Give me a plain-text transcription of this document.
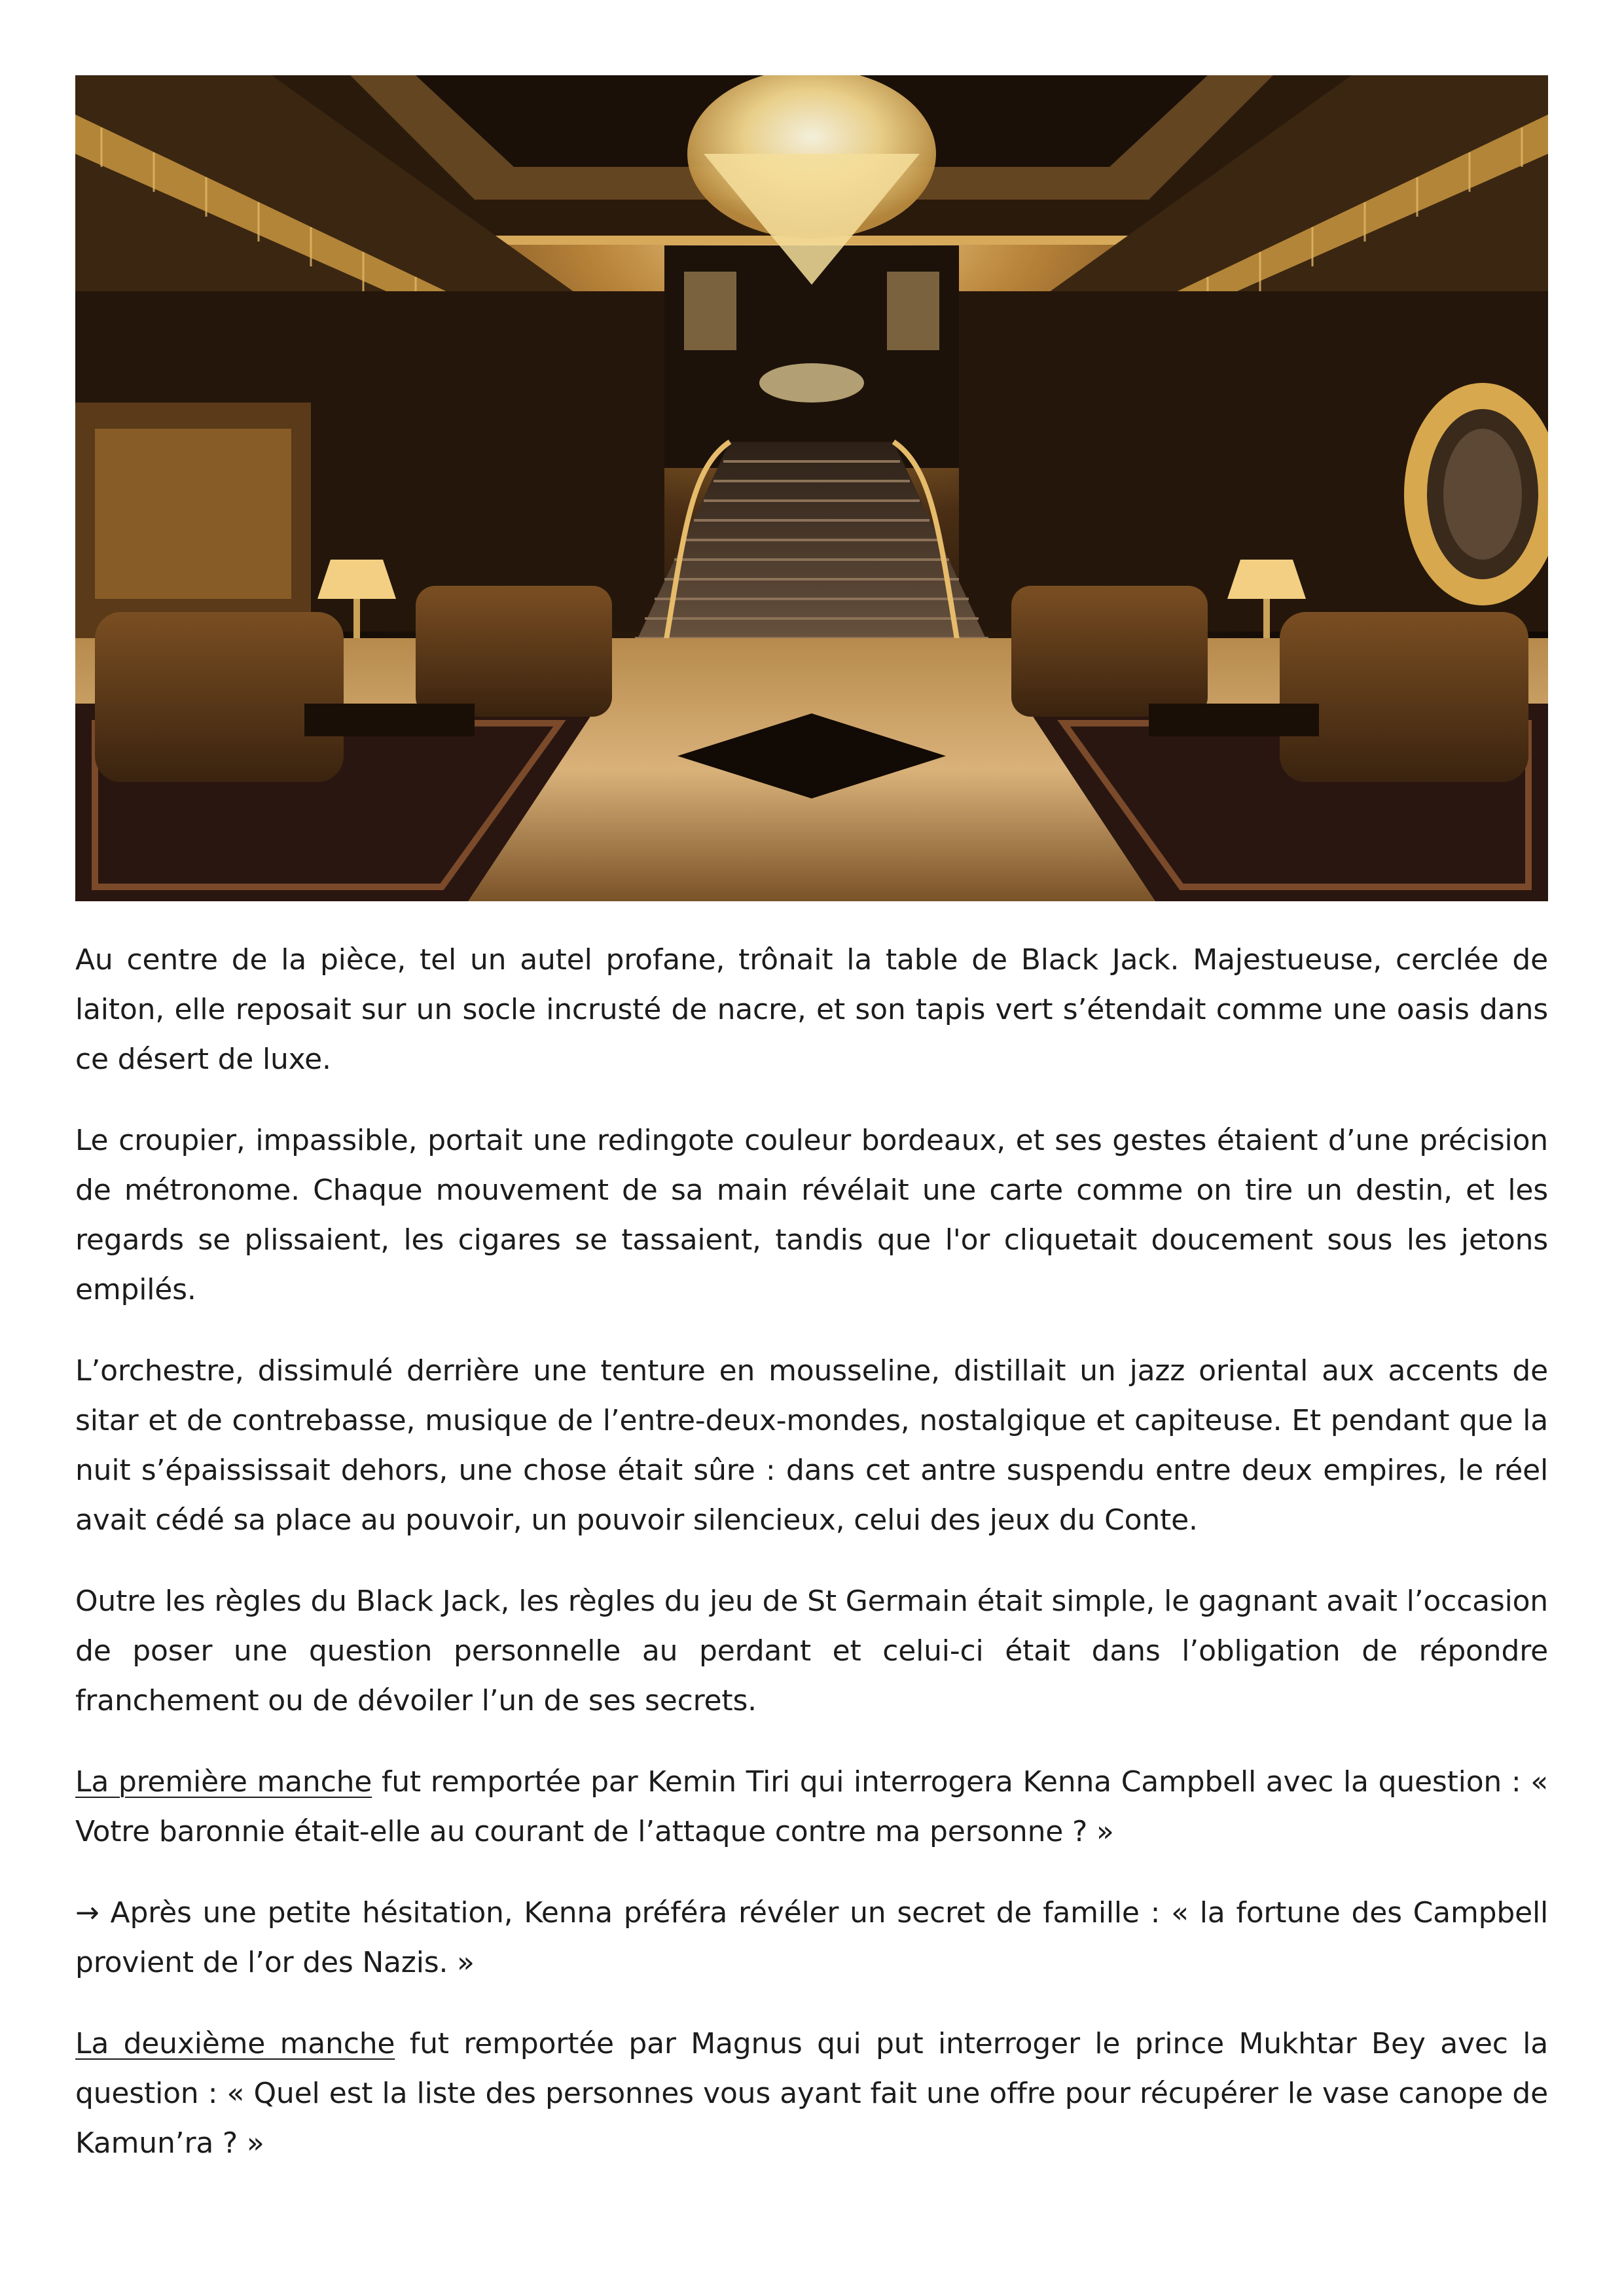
Au centre de la pièce, tel un autel profane, trônait la table de Black Jack. Majestueuse, cerclée de laiton, elle reposait sur un socle incrusté de nacre, et son tapis vert s’étendait comme une oasis dans ce désert de luxe.

Le croupier, impassible, portait une redingote couleur bordeaux, et ses gestes étaient d’une précision de métronome. Chaque mouvement de sa main révélait une carte comme on tire un destin, et les regards se plissaient, les cigares se tassaient, tandis que l'or cliquetait doucement sous les jetons empilés.

L’orchestre, dissimulé derrière une tenture en mousseline, distillait un jazz oriental aux accents de sitar et de contrebasse, musique de l’entre-deux-mondes, nostalgique et capiteuse. Et pendant que la nuit s’épaississait dehors, une chose était sûre : dans cet antre suspendu entre deux empires, le réel avait cédé sa place au pouvoir, un pouvoir silencieux, celui des jeux du Conte.

Outre les règles du Black Jack, les règles du jeu de St Germain était simple, le gagnant avait l’occasion de poser une question personnelle au perdant et celui-ci était dans l’obligation de répondre franchement ou de dévoiler l’un de ses secrets.

La première manche fut remportée par Kemin Tiri qui interrogera Kenna Campbell avec la question : « Votre baronnie était-elle au courant de l’attaque contre ma personne ? »

→ Après une petite hésitation, Kenna préféra révéler un secret de famille : « la fortune des Campbell provient de l’or des Nazis. »

La deuxième manche fut remportée par Magnus qui put interroger le prince Mukhtar Bey avec la question : « Quel est la liste des personnes vous ayant fait une offre pour récupérer le vase canope de Kamun’ra ? »
